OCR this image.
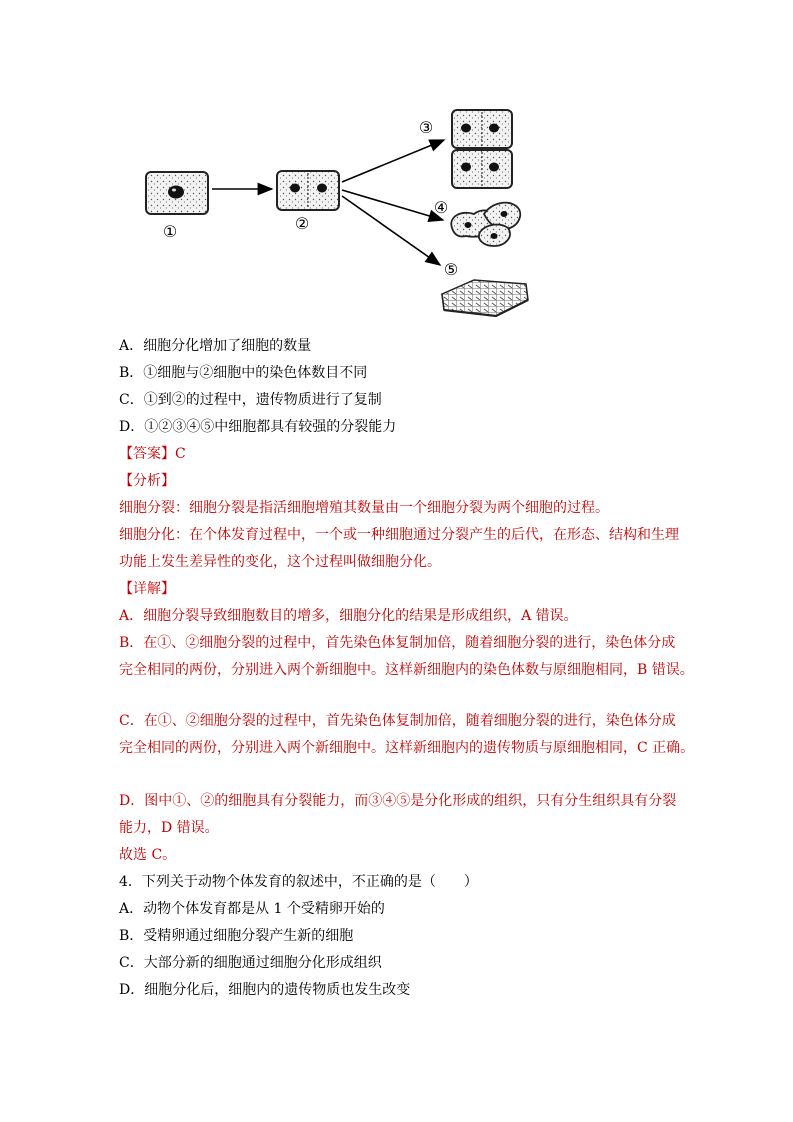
①	②
③
④
⑤
A．细胞分化增加了细胞的数量
B．①细胞与②细胞中的染色体数目不同
C．①到②的过程中，遗传物质进行了复制
D．①②③④⑤中细胞都具有较强的分裂能力
【答案】C
【分析】
细胞分裂：细胞分裂是指活细胞增殖其数量由一个细胞分裂为两个细胞的过程。
细胞分化：在个体发育过程中，一个或一种细胞通过分裂产生的后代，在形态、结构和生理
功能上发生差异性的变化，这个过程叫做细胞分化。
【详解】
A．细胞分裂导致细胞数目的增多，细胞分化的结果是形成组织，A 错误。
B．在①、②细胞分裂的过程中，首先染色体复制加倍，随着细胞分裂的进行，染色体分成
完全相同的两份，分别进入两个新细胞中。这样新细胞内的染色体数与原细胞相同，B 错误。
C．在①、②细胞分裂的过程中，首先染色体复制加倍，随着细胞分裂的进行，染色体分成
完全相同的两份，分别进入两个新细胞中。这样新细胞内的遗传物质与原细胞相同，C 正确。
D．图中①、②的细胞具有分裂能力，而③④⑤是分化形成的组织，只有分生组织具有分裂
能力，D 错误。
故选 C。
4．下列关于动物个体发育的叙述中，不正确的是（　　）
A．动物个体发育都是从 1 个受精卵开始的
B．受精卵通过细胞分裂产生新的细胞
C．大部分新的细胞通过细胞分化形成组织
D．细胞分化后，细胞内的遗传物质也发生改变
